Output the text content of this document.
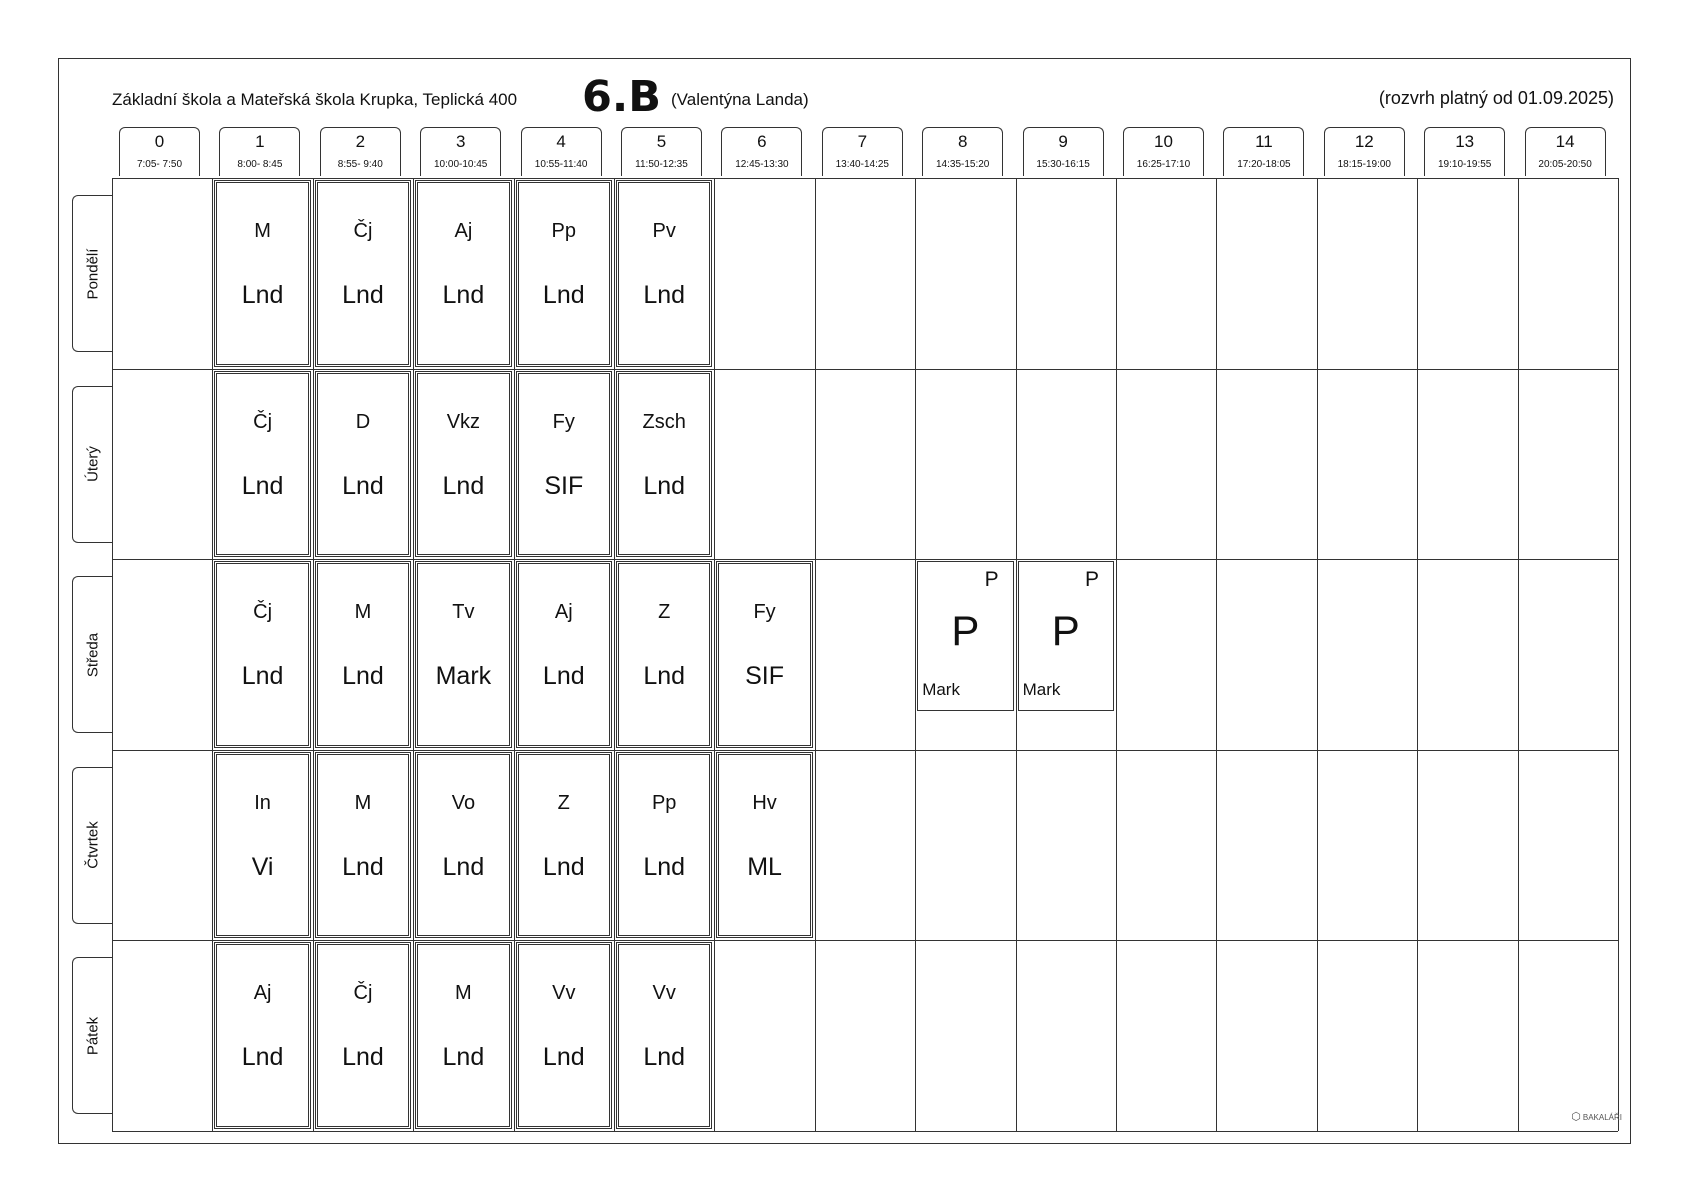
Základní škola a Mateřská škola Krupka, Teplická 400 6.B (Valentýna Landa)	(rozvrh platný od 01.09.2025)
0
7:05- 7:50
1
8:00- 8:45
2
8:55- 9:40
3
10:00-10:45
4
10:55-11:40
5
11:50-12:35
6
12:45-13:30
7
13:40-14:25
8
14:35-15:20
9
15:30-16:15
10
16:25-17:10
11
17:20-18:05
12
18:15-19:00
13
19:10-19:55
14
20:05-20:50
Pondělí
Úterý
Středa
Čtvrtek
Pátek
M
Lnd
Čj
Lnd
Aj
Lnd
Pp
Lnd
Pv
Lnd
Čj
Lnd
D
Lnd
Vkz
Lnd
Fy
SIF
Zsch
Lnd
Čj
Lnd
M
Lnd
Tv
Mark
Aj
Lnd
Z
Lnd
Fy
SIF
P
P
Mark
P
P
Mark
In
Vi
M
Lnd
Vo
Lnd
Z
Lnd
Pp
Lnd
Hv
ML
Aj
Lnd
Čj
Lnd
M
Lnd
Vv
Lnd
Vv
Lnd
⬡ BAKALÁŘI
